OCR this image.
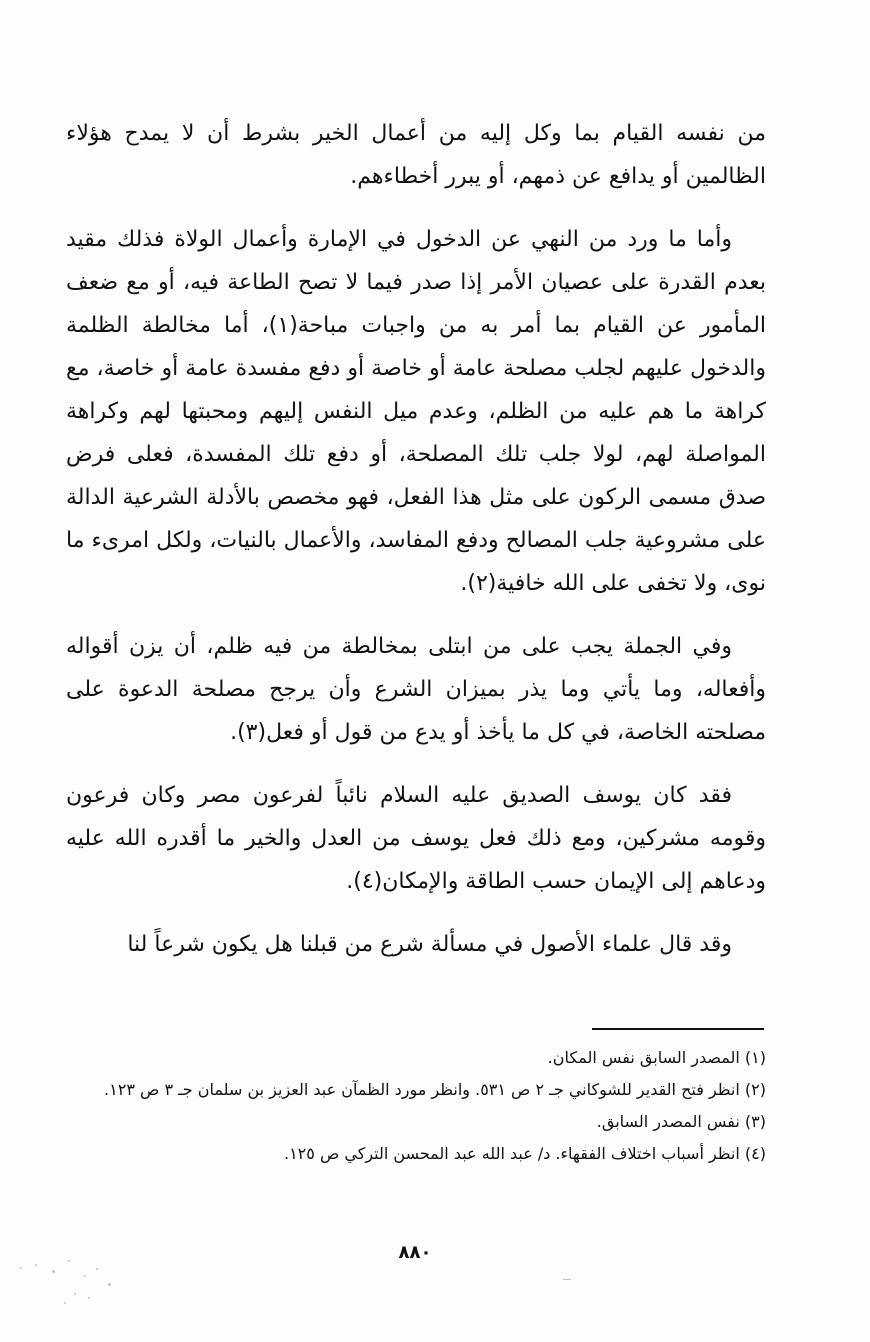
من نفسه القيام بما وكل إليه من أعمال الخير بشرط أن لا يمدح هؤلاء الظالمين أو يدافع عن ذمهم، أو يبرر أخطاءهم.

وأما ما ورد من النهي عن الدخول في الإمارة وأعمال الولاة فذلك مقيد بعدم القدرة على عصيان الأمر إذا صدر فيما لا تصح الطاعة فيه، أو مع ضعف المأمور عن القيام بما أمر به من واجبات مباحة(١)، أما مخالطة الظلمة والدخول عليهم لجلب مصلحة عامة أو خاصة أو دفع مفسدة عامة أو خاصة، مع كراهة ما هم عليه من الظلم، وعدم ميل النفس إليهم ومحبتها لهم وكراهة المواصلة لهم، لولا جلب تلك المصلحة، أو دفع تلك المفسدة، فعلى فرض صدق مسمى الركون على مثل هذا الفعل، فهو مخصص بالأدلة الشرعية الدالة على مشروعية جلب المصالح ودفع المفاسد، والأعمال بالنيات، ولكل امرىء ما نوى، ولا تخفى على الله خافية(٢).

وفي الجملة يجب على من ابتلى بمخالطة من فيه ظلم، أن يزن أقواله وأفعاله، وما يأتي وما يذر بميزان الشرع وأن يرجح مصلحة الدعوة على مصلحته الخاصة، في كل ما يأخذ أو يدع من قول أو فعل(٣).

فقد كان يوسف الصديق عليه السلام نائباً لفرعون مصر وكان فرعون وقومه مشركين، ومع ذلك فعل يوسف من العدل والخير ما أقدره الله عليه ودعاهم إلى الإيمان حسب الطاقة والإمكان(٤).

وقد قال علماء الأصول في مسألة شرع من قبلنا هل يكون شرعاً لنا

(١) المصدر السابق نفس المكان.
(٢) انظر فتح القدير للشوكاني جـ ٢ ص ٥٣١. وانظر مورد الظمآن عبد العزيز بن سلمان جـ ٣ ص ١٢٣.
(٣) نفس المصدر السابق.
(٤) انظر أسباب اختلاف الفقهاء. د/ عبد الله عبد المحسن التركي ص ١٢٥.
٨٨٠
